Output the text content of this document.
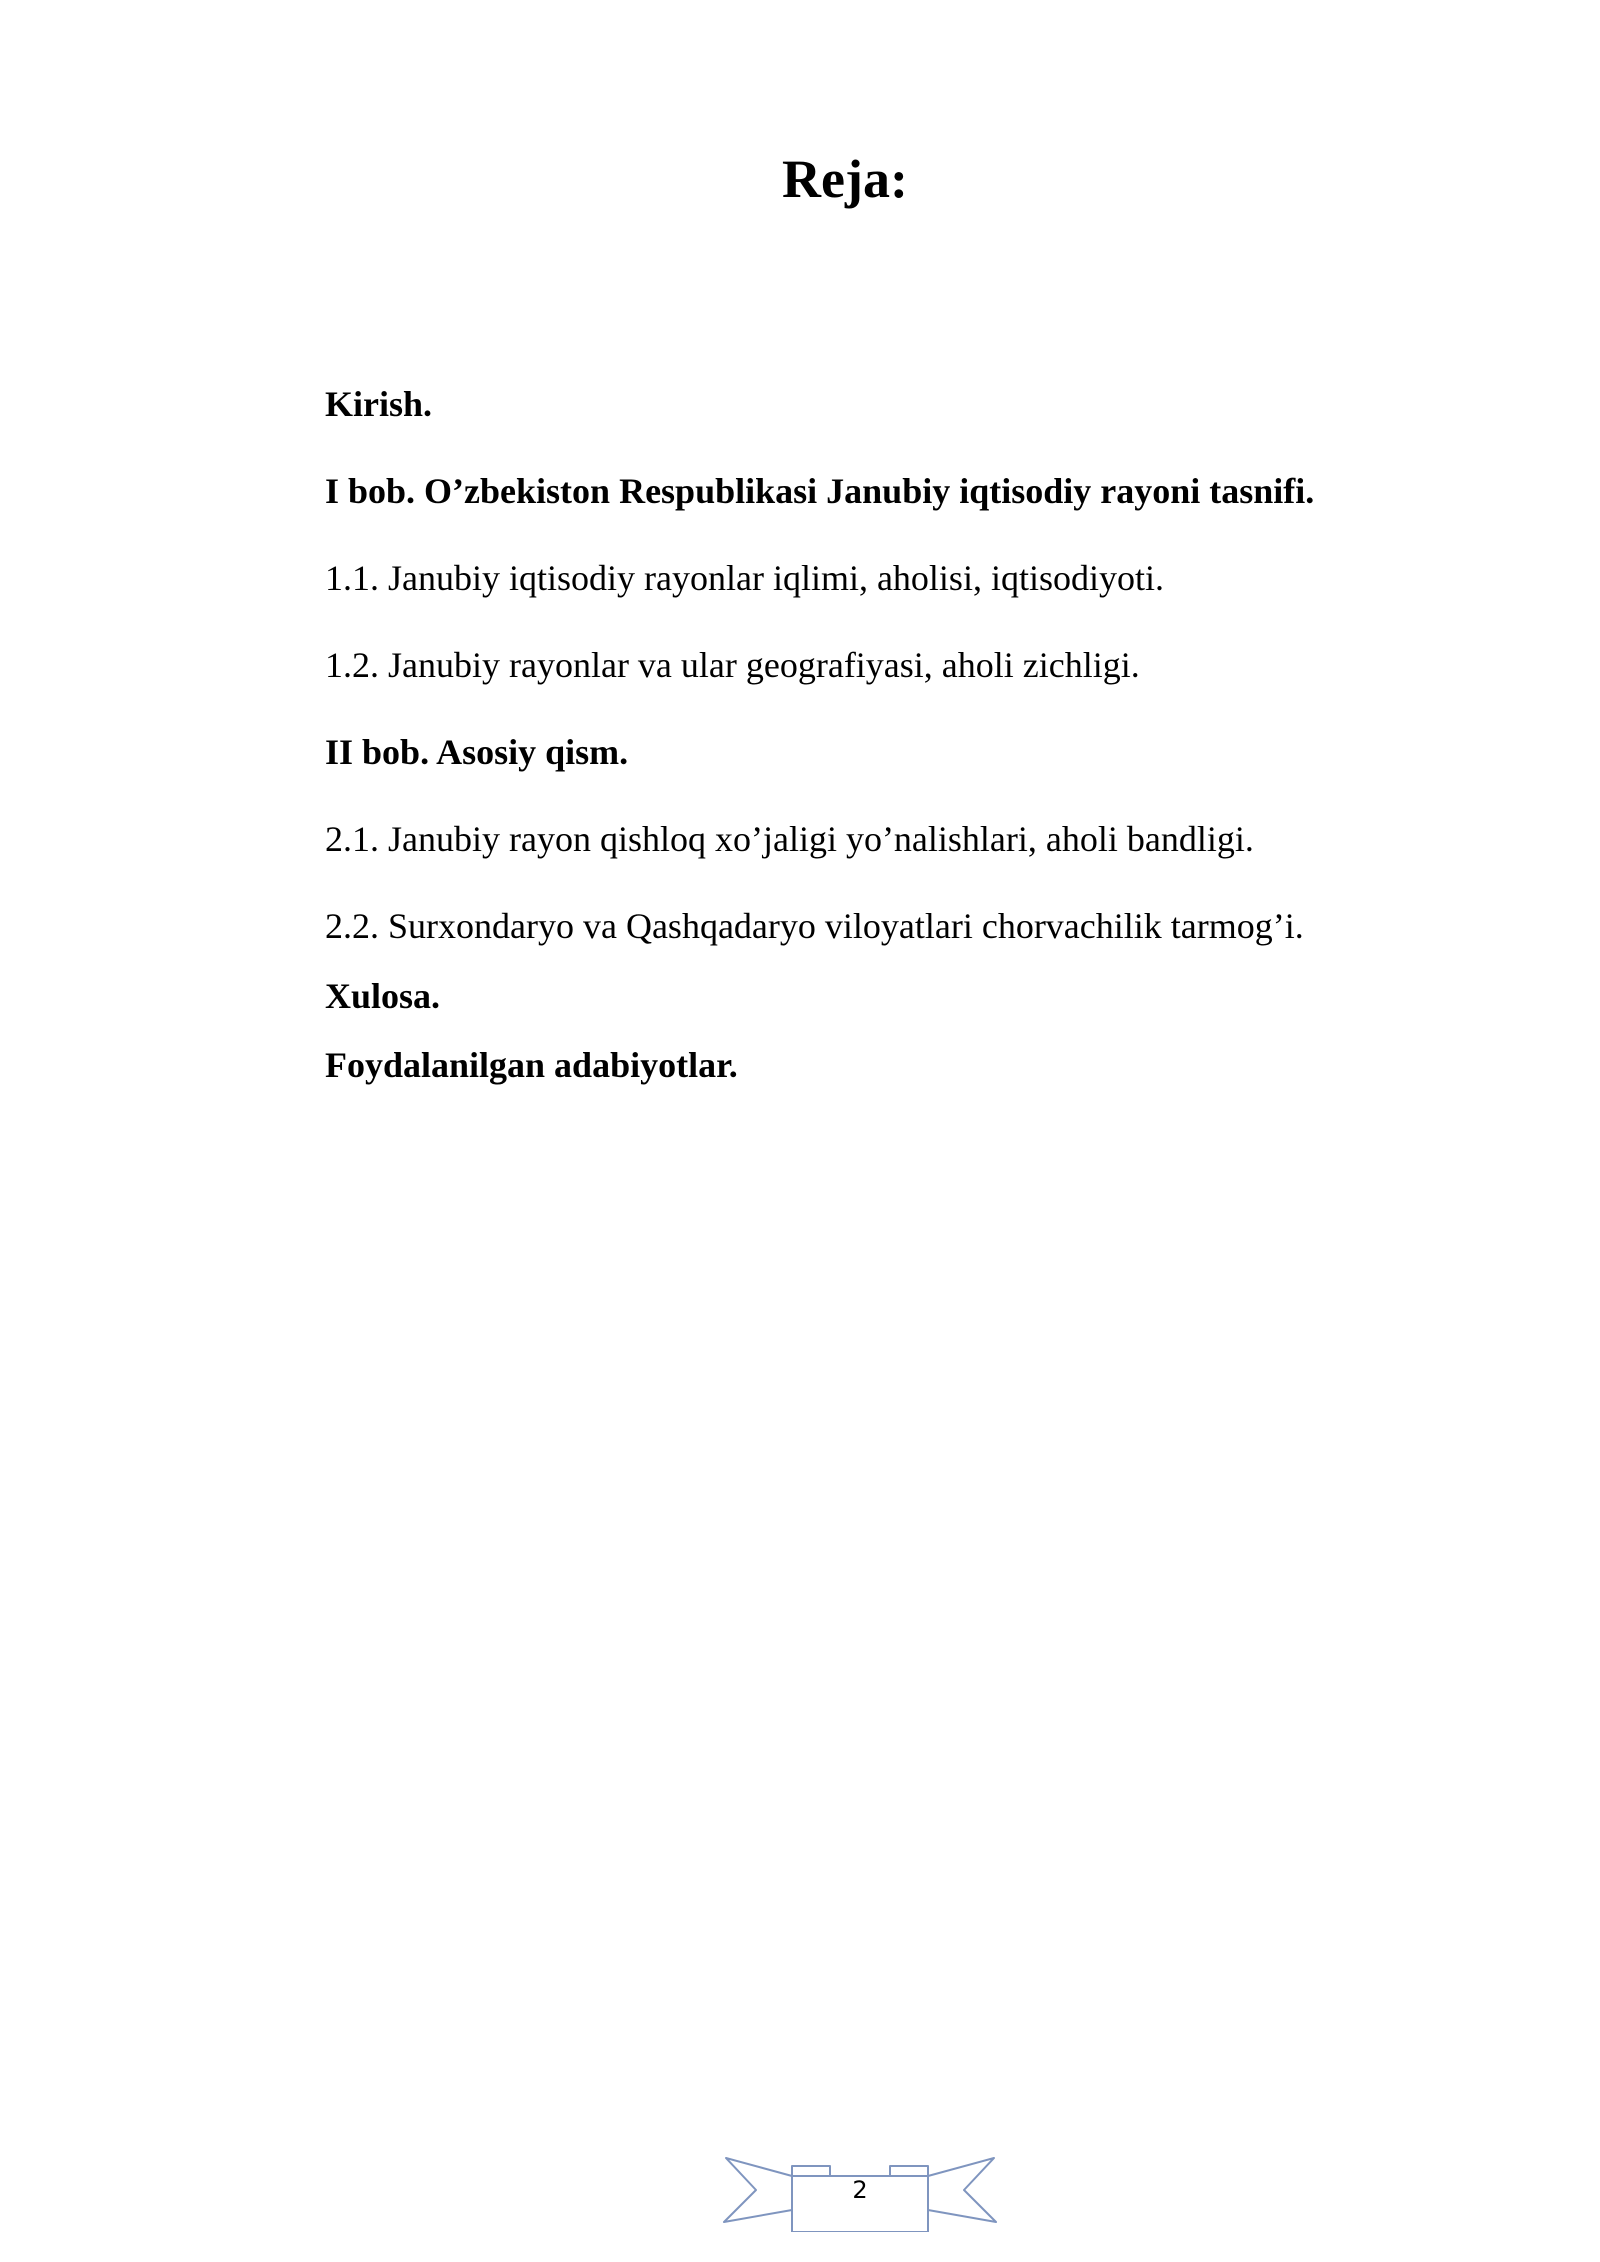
Reja:
Kirish.
I bob. O’zbekiston Respublikasi Janubiy iqtisodiy rayoni tasnifi.
1.1. Janubiy iqtisodiy rayonlar iqlimi, aholisi, iqtisodiyoti.
1.2. Janubiy rayonlar va ular geografiyasi, aholi zichligi.
II bob. Asosiy qism.
2.1. Janubiy rayon qishloq xo’jaligi yo’nalishlari, aholi bandligi.
2.2. Surxondaryo va Qashqadaryo viloyatlari chorvachilik tarmog’i.
Xulosa.
Foydalanilgan adabiyotlar.
2
